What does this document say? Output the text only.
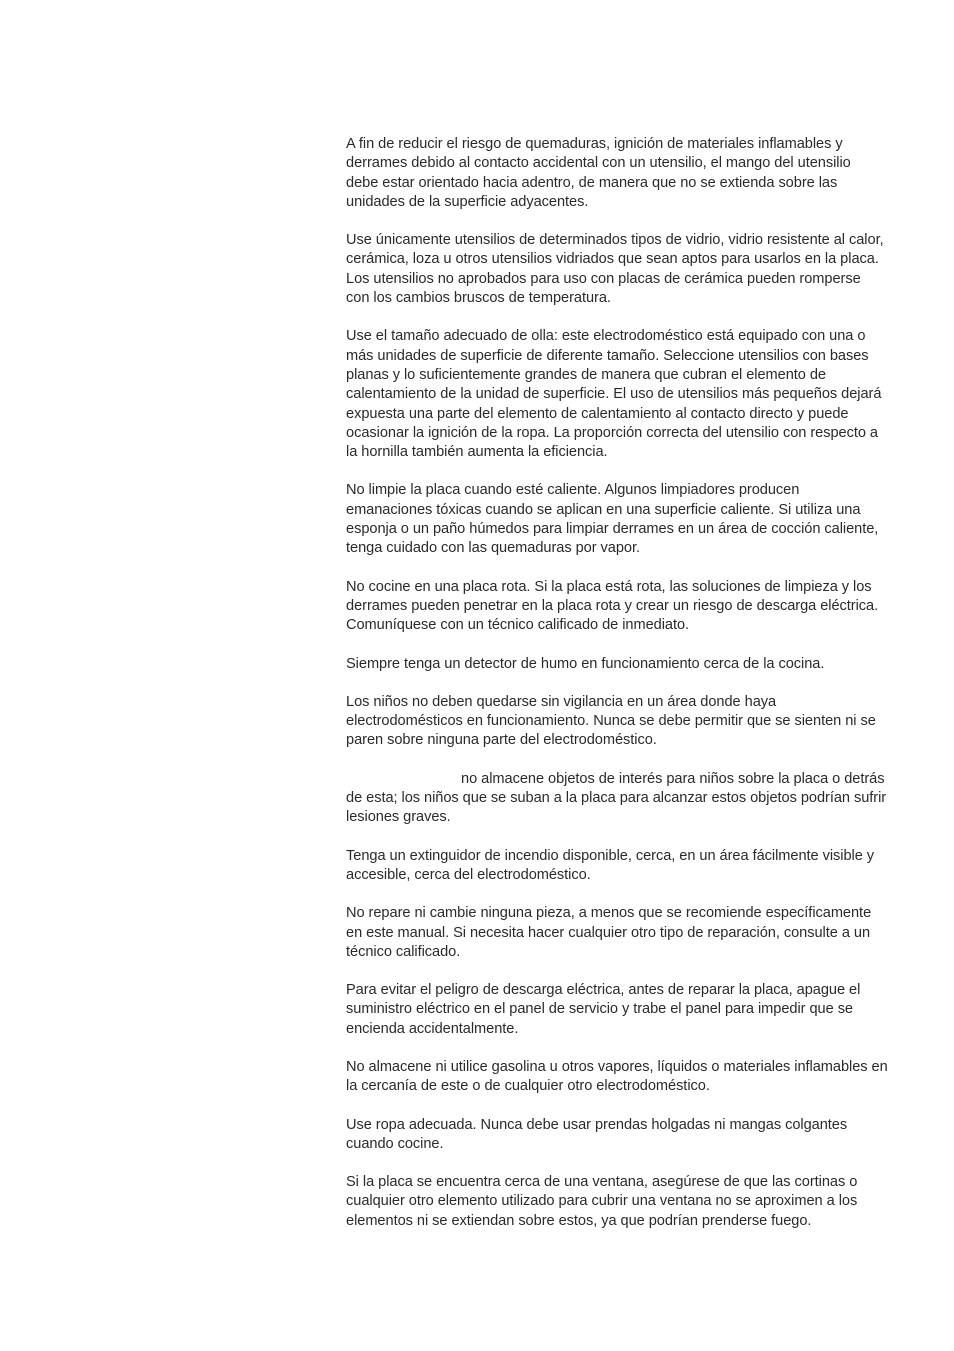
A fin de reducir el riesgo de quemaduras, ignición de materiales inflamables y
derrames debido al contacto accidental con un utensilio, el mango del utensilio
debe estar orientado hacia adentro, de manera que no se extienda sobre las
unidades de la superficie adyacentes.

Use únicamente utensilios de determinados tipos de vidrio, vidrio resistente al calor,
cerámica, loza u otros utensilios vidriados que sean aptos para usarlos en la placa.
Los utensilios no aprobados para uso con placas de cerámica pueden romperse
con los cambios bruscos de temperatura.

Use el tamaño adecuado de olla: este electrodoméstico está equipado con una o
más unidades de superficie de diferente tamaño. Seleccione utensilios con bases
planas y lo suficientemente grandes de manera que cubran el elemento de
calentamiento de la unidad de superficie. El uso de utensilios más pequeños dejará
expuesta una parte del elemento de calentamiento al contacto directo y puede
ocasionar la ignición de la ropa. La proporción correcta del utensilio con respecto a
la hornilla también aumenta la eficiencia.

No limpie la placa cuando esté caliente. Algunos limpiadores producen
emanaciones tóxicas cuando se aplican en una superficie caliente. Si utiliza una
esponja o un paño húmedos para limpiar derrames en un área de cocción caliente,
tenga cuidado con las quemaduras por vapor.

No cocine en una placa rota. Si la placa está rota, las soluciones de limpieza y los
derrames pueden penetrar en la placa rota y crear un riesgo de descarga eléctrica.
Comuníquese con un técnico calificado de inmediato.

Siempre tenga un detector de humo en funcionamiento cerca de la cocina.

Los niños no deben quedarse sin vigilancia en un área donde haya
electrodomésticos en funcionamiento. Nunca se debe permitir que se sienten ni se
paren sobre ninguna parte del electrodoméstico.

no almacene objetos de interés para niños sobre la placa o detrás
de esta; los niños que se suban a la placa para alcanzar estos objetos podrían sufrir
lesiones graves.

Tenga un extinguidor de incendio disponible, cerca, en un área fácilmente visible y
accesible, cerca del electrodoméstico.

No repare ni cambie ninguna pieza, a menos que se recomiende específicamente
en este manual. Si necesita hacer cualquier otro tipo de reparación, consulte a un
técnico calificado.

Para evitar el peligro de descarga eléctrica, antes de reparar la placa, apague el
suministro eléctrico en el panel de servicio y trabe el panel para impedir que se
encienda accidentalmente.

No almacene ni utilice gasolina u otros vapores, líquidos o materiales inflamables en
la cercanía de este o de cualquier otro electrodoméstico.

Use ropa adecuada. Nunca debe usar prendas holgadas ni mangas colgantes
cuando cocine.

Si la placa se encuentra cerca de una ventana, asegúrese de que las cortinas o
cualquier otro elemento utilizado para cubrir una ventana no se aproximen a los
elementos ni se extiendan sobre estos, ya que podrían prenderse fuego.
